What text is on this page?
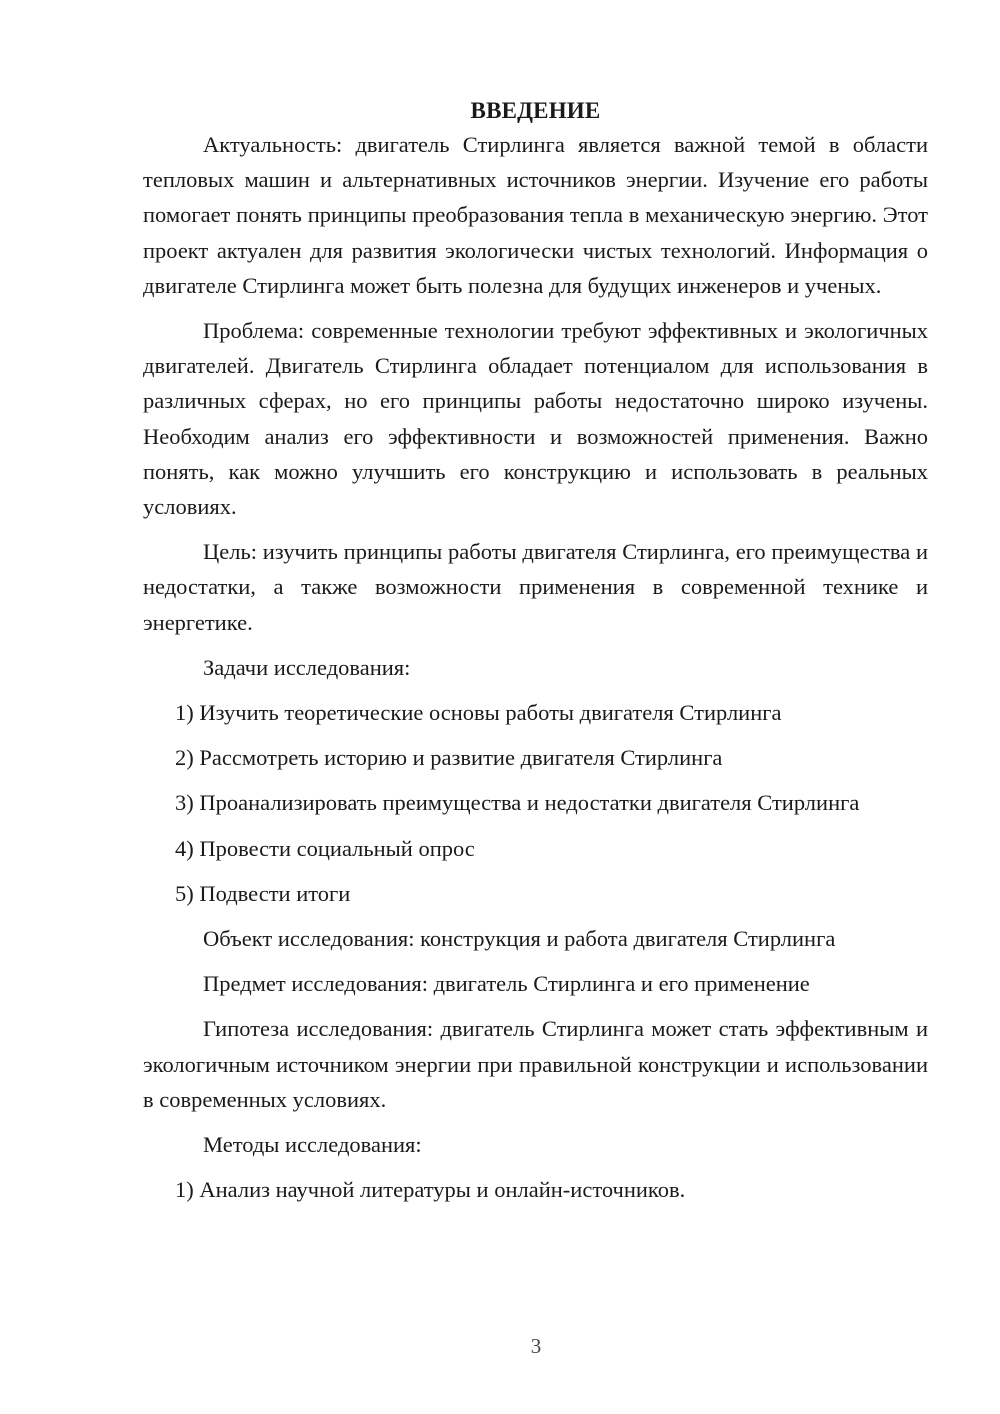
ВВЕДЕНИЕ

Актуальность: двигатель Стирлинга является важной темой в области тепловых машин и альтернативных источников энергии. Изучение его работы помогает понять принципы преобразования тепла в механическую энергию. Этот проект актуален для развития экологически чистых технологий. Информация о двигателе Стирлинга может быть полезна для будущих инженеров и ученых.

Проблема: современные технологии требуют эффективных и экологичных двигателей. Двигатель Стирлинга обладает потенциалом для использования в различных сферах, но его принципы работы недостаточно широко изучены. Необходим анализ его эффективности и возможностей применения. Важно понять, как можно улучшить его конструкцию и использовать в реальных условиях.

Цель: изучить принципы работы двигателя Стирлинга, его преимущества и недостатки, а также возможности применения в современной технике и энергетике.

Задачи исследования:

1) Изучить теоретические основы работы двигателя Стирлинга

2) Рассмотреть историю и развитие двигателя Стирлинга

3) Проанализировать преимущества и недостатки двигателя Стирлинга

4) Провести социальный опрос

5) Подвести итоги

Объект исследования: конструкция и работа двигателя Стирлинга

Предмет исследования: двигатель Стирлинга и его применение

Гипотеза исследования: двигатель Стирлинга может стать эффективным и экологичным источником энергии при правильной конструкции и использовании в современных условиях.

Методы исследования:

1) Анализ научной литературы и онлайн-источников.

3
